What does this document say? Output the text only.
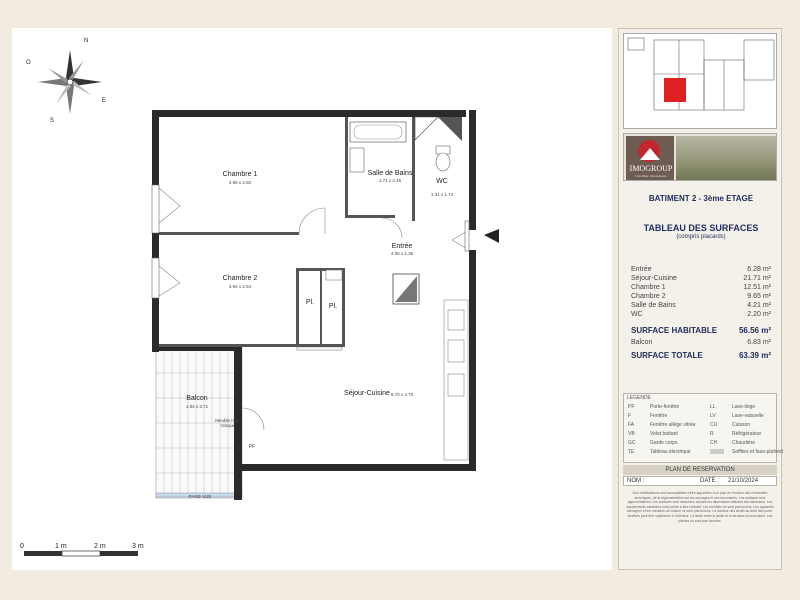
Chambre 1
4.56 x 2.82
Salle de Bains
1.71 x 2.45	WC
1.31 x 1.74
Entrée
4.06 x 1.35
Chambre 2
3.94 x 2.54
Pl.
Pl.
Séjour-Cuisine 6.70 x 4.70
Balcon
1.84 x 3.71
Meuble Haut Vasque
PF
PARE-VUE
N
O
E
S
0	1 m	2 m	3 m
IMOGROUP
Immobilier d'Excellence
BATIMENT 2 - 3ème ETAGE
TABLEAU DES SURFACES
(compris placards)
Entrée	6.28 m²
Séjour-Cuisine	21.71 m²
Chambre 1	12.51 m²
Chambre 2	9.65 m²
Salle de Bains	4.21 m²
WC	2.20 m²
SURFACE HABITABLE	56.56 m²
Balcon	6.83 m²
SURFACE TOTALE	63.39 m²
LEGENDE
PF	Porte-fenêtre
F	Fenêtre
FA	Fenêtre allège vitrée
VB	Volet battant
GC	Garde corps
TE	Tableau électrique
LL	Lave-linge
LV	Lave-vaisselle
CU	Cuisson
R	Réfrigérateur
CH	Chaudière
Soffites et faux-plafond
PLAN DE RESERVATION
NOM :	DATE : 21/10/2024
Des modifications sont susceptibles d'être apportées à ce plan en fonction des nécessités techniques, de la réglementation sur les ouvrages et ses documents. Les surfaces sont approximatives. Les surfaces sont mesurées suivant les dimensions tolérées des fabricants. Les équipements sanitaires sont portés à titre indicatif. Les meubles ne sont pas fournis. Les appareils ménagers et les meubles de cuisine ne sont pas fournis. La hauteur des seuils au droit des porte-fenêtres peut être supérieure à l'intérieur. La limite entre le jardin et la terrasse pourra varier. Les plantes ne sont pas fournies.
